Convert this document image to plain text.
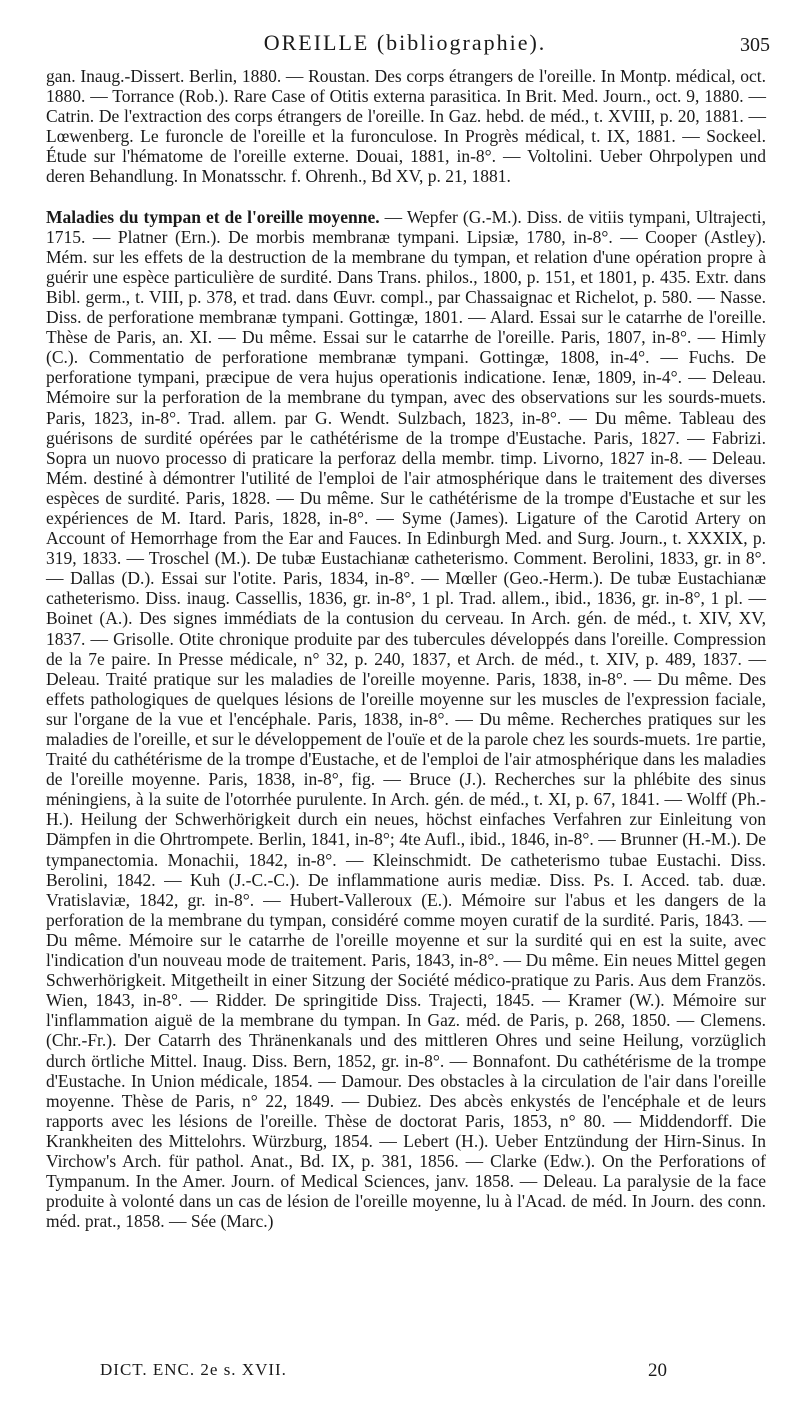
OREILLE (bibliographie).	305

gan. Inaug.-Dissert. Berlin, 1880. — Roustan. Des corps étrangers de l'oreille. In Montp. médical, oct. 1880. — Torrance (Rob.). Rare Case of Otitis externa parasitica. In Brit. Med. Journ., oct. 9, 1880. — Catrin. De l'extraction des corps étrangers de l'oreille. In Gaz. hebd. de méd., t. XVIII, p. 20, 1881. — Lœwenberg. Le furoncle de l'oreille et la furonculose. In Progrès médical, t. IX, 1881. — Sockeel. Étude sur l'hématome de l'oreille externe. Douai, 1881, in-8°. — Voltolini. Ueber Ohrpolypen und deren Behandlung. In Monatsschr. f. Ohrenh., Bd XV, p. 21, 1881.

Maladies du tympan et de l'oreille moyenne. — Wepfer (G.-M.). Diss. de vitiis tympani, Ultrajecti, 1715. — Platner (Ern.). De morbis membranæ tympani. Lipsiæ, 1780, in-8°. — Cooper (Astley). Mém. sur les effets de la destruction de la membrane du tympan, et relation d'une opération propre à guérir une espèce particulière de surdité. Dans Trans. philos., 1800, p. 151, et 1801, p. 435. Extr. dans Bibl. germ., t. VIII, p. 378, et trad. dans Œuvr. compl., par Chassaignac et Richelot, p. 580. — Nasse. Diss. de perforatione membranæ tympani. Gottingæ, 1801. — Alard. Essai sur le catarrhe de l'oreille. Thèse de Paris, an. XI. — Du même. Essai sur le catarrhe de l'oreille. Paris, 1807, in-8°. — Himly (C.). Commentatio de perforatione membranæ tympani. Gottingæ, 1808, in-4°. — Fuchs. De perforatione tympani, præcipue de vera hujus operationis indicatione. Ienæ, 1809, in-4°. — Deleau. Mémoire sur la perforation de la membrane du tympan, avec des observations sur les sourds-muets. Paris, 1823, in-8°. Trad. allem. par G. Wendt. Sulzbach, 1823, in-8°. — Du même. Tableau des guérisons de surdité opérées par le cathétérisme de la trompe d'Eustache. Paris, 1827. — Fabrizi. Sopra un nuovo processo di praticare la perforaz della membr. timp. Livorno, 1827 in-8. — Deleau. Mém. destiné à démontrer l'utilité de l'emploi de l'air atmosphérique dans le traitement des diverses espèces de surdité. Paris, 1828. — Du même. Sur le cathétérisme de la trompe d'Eustache et sur les expériences de M. Itard. Paris, 1828, in-8°. — Syme (James). Ligature of the Carotid Artery on Account of Hemorrhage from the Ear and Fauces. In Edinburgh Med. and Surg. Journ., t. XXXIX, p. 319, 1833. — Troschel (M.). De tubæ Eustachianæ catheterismo. Comment. Berolini, 1833, gr. in 8°. — Dallas (D.). Essai sur l'otite. Paris, 1834, in-8°. — Mœller (Geo.-Herm.). De tubæ Eustachianæ catheterismo. Diss. inaug. Cassellis, 1836, gr. in-8°, 1 pl. Trad. allem., ibid., 1836, gr. in-8°, 1 pl. — Boinet (A.). Des signes immédiats de la contusion du cerveau. In Arch. gén. de méd., t. XIV, XV, 1837. — Grisolle. Otite chronique produite par des tubercules développés dans l'oreille. Compression de la 7e paire. In Presse médicale, n° 32, p. 240, 1837, et Arch. de méd., t. XIV, p. 489, 1837. — Deleau. Traité pratique sur les maladies de l'oreille moyenne. Paris, 1838, in-8°. — Du même. Des effets pathologiques de quelques lésions de l'oreille moyenne sur les muscles de l'expression faciale, sur l'organe de la vue et l'encéphale. Paris, 1838, in-8°. — Du même. Recherches pratiques sur les maladies de l'oreille, et sur le développement de l'ouïe et de la parole chez les sourds-muets. 1re partie, Traité du cathétérisme de la trompe d'Eustache, et de l'emploi de l'air atmosphérique dans les maladies de l'oreille moyenne. Paris, 1838, in-8°, fig. — Bruce (J.). Recherches sur la phlébite des sinus méningiens, à la suite de l'otorrhée purulente. In Arch. gén. de méd., t. XI, p. 67, 1841. — Wolff (Ph.-H.). Heilung der Schwerhörigkeit durch ein neues, höchst einfaches Verfahren zur Einleitung von Dämpfen in die Ohrtrompete. Berlin, 1841, in-8°; 4te Aufl., ibid., 1846, in-8°. — Brunner (H.-M.). De tympanectomia. Monachii, 1842, in-8°. — Kleinschmidt. De catheterismo tubae Eustachi. Diss. Berolini, 1842. — Kuh (J.-C.-C.). De inflammatione auris mediæ. Diss. Ps. I. Acced. tab. duæ. Vratislaviæ, 1842, gr. in-8°. — Hubert-Valleroux (E.). Mémoire sur l'abus et les dangers de la perforation de la membrane du tympan, considéré comme moyen curatif de la surdité. Paris, 1843. — Du même. Mémoire sur le catarrhe de l'oreille moyenne et sur la surdité qui en est la suite, avec l'indication d'un nouveau mode de traitement. Paris, 1843, in-8°. — Du même. Ein neues Mittel gegen Schwerhörigkeit. Mitgetheilt in einer Sitzung der Société médico-pratique zu Paris. Aus dem Französ. Wien, 1843, in-8°. — Ridder. De springitide Diss. Trajecti, 1845. — Kramer (W.). Mémoire sur l'inflammation aiguë de la membrane du tympan. In Gaz. méd. de Paris, p. 268, 1850. — Clemens. (Chr.-Fr.). Der Catarrh des Thränenkanals und des mittleren Ohres und seine Heilung, vorzüglich durch örtliche Mittel. Inaug. Diss. Bern, 1852, gr. in-8°. — Bonnafont. Du cathétérisme de la trompe d'Eustache. In Union médicale, 1854. — Damour. Des obstacles à la circulation de l'air dans l'oreille moyenne. Thèse de Paris, n° 22, 1849. — Dubiez. Des abcès enkystés de l'encéphale et de leurs rapports avec les lésions de l'oreille. Thèse de doctorat Paris, 1853, n° 80. — Middendorff. Die Krankheiten des Mittelohrs. Würzburg, 1854. — Lebert (H.). Ueber Entzündung der Hirn-Sinus. In Virchow's Arch. für pathol. Anat., Bd. IX, p. 381, 1856. — Clarke (Edw.). On the Perforations of Tympanum. In the Amer. Journ. of Medical Sciences, janv. 1858. — Deleau. La paralysie de la face produite à volonté dans un cas de lésion de l'oreille moyenne, lu à l'Acad. de méd. In Journ. des conn. méd. prat., 1858. — Sée (Marc.)

DICT. ENC. 2e s. XVII.	20
